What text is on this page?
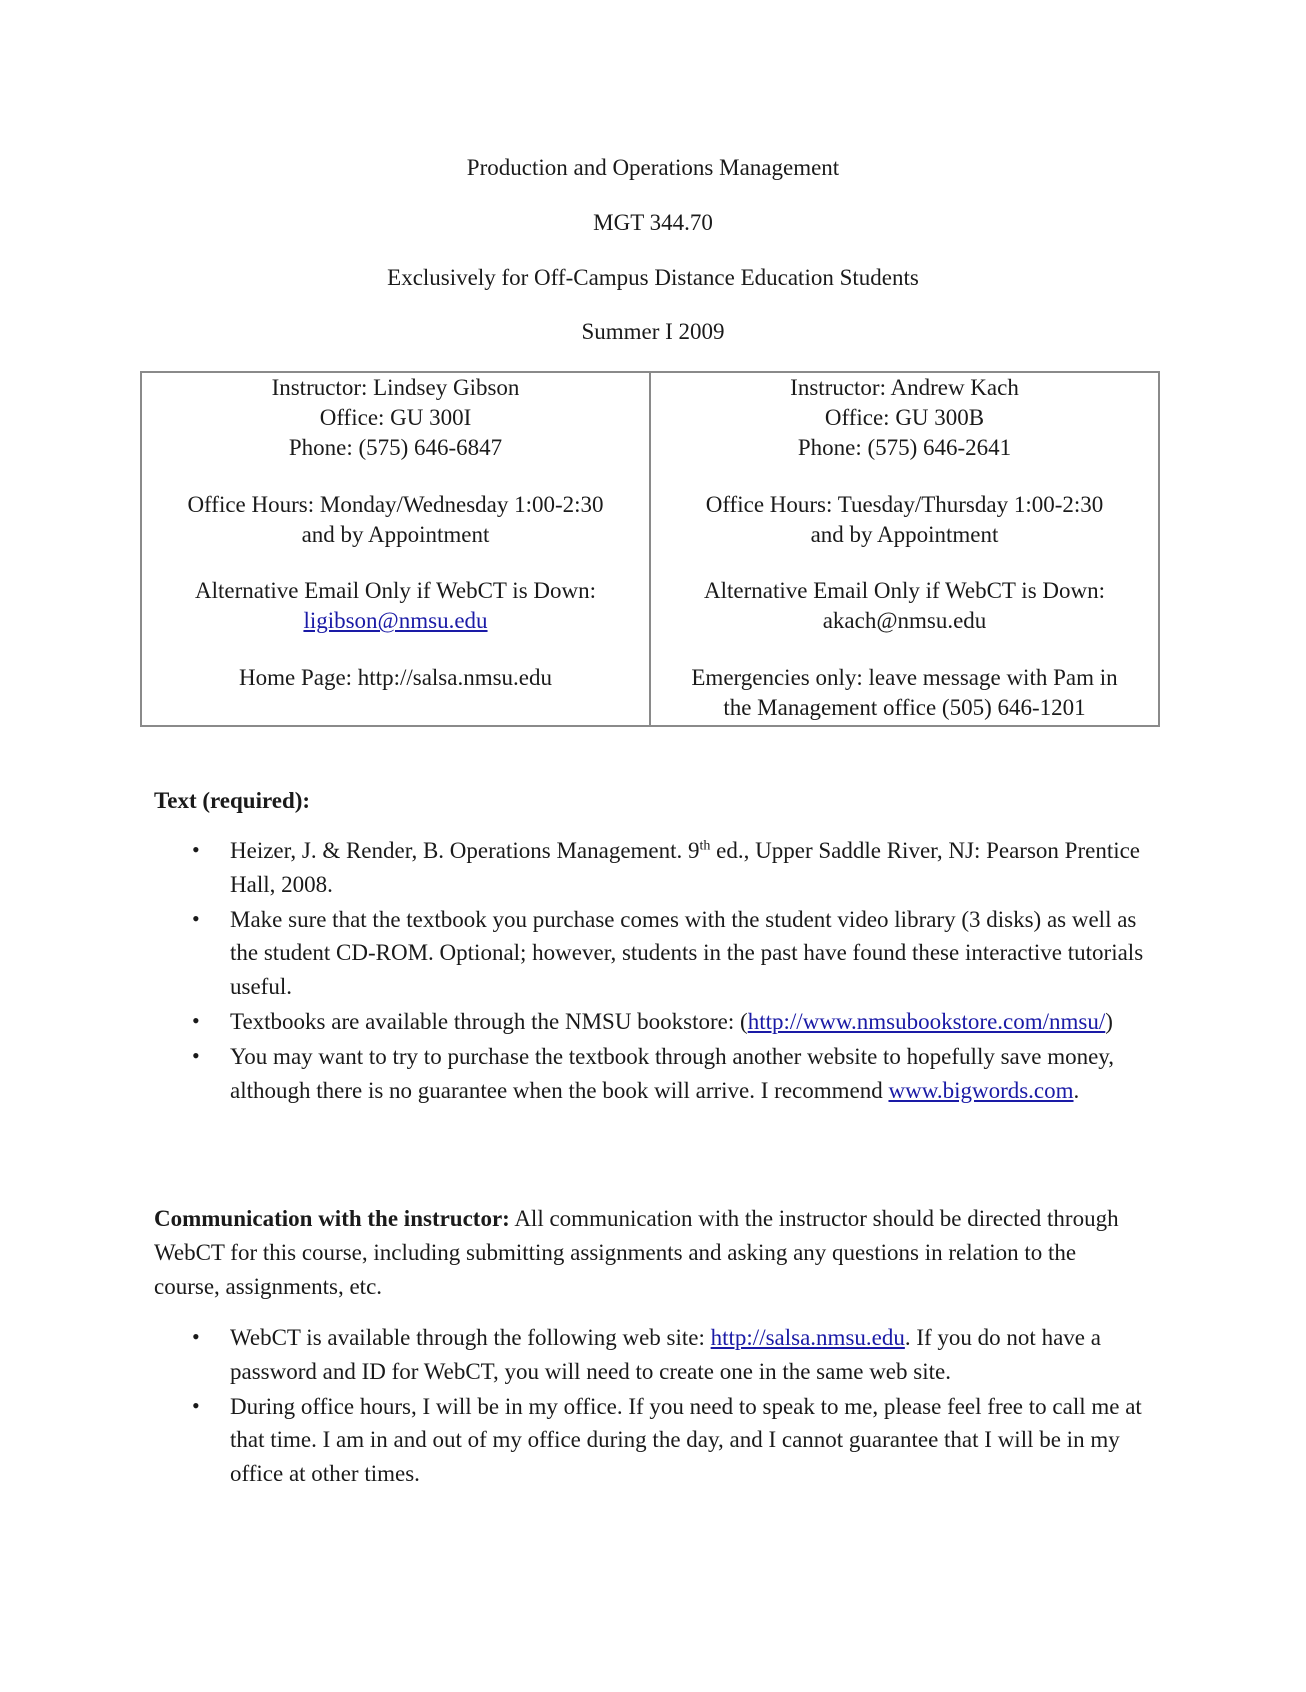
Production and Operations Management
MGT 344.70
Exclusively for Off-Campus Distance Education Students
Summer I 2009
Instructor: Lindsey Gibson
Office: GU 300I
Phone: (575) 646-6847
Office Hours: Monday/Wednesday 1:00-2:30
and by Appointment
Alternative Email Only if WebCT is Down:
ligibson@nmsu.edu
Home Page: http://salsa.nmsu.edu

Instructor: Andrew Kach
Office: GU 300B
Phone: (575) 646-2641
Office Hours: Tuesday/Thursday 1:00-2:30
and by Appointment
Alternative Email Only if WebCT is Down:
akach@nmsu.edu
Emergencies only: leave message with Pam in
the Management office (505) 646-1201
Text (required):
• Heizer, J. & Render, B. Operations Management. 9th ed., Upper Saddle River, NJ: Pearson Prentice Hall, 2008.
• Make sure that the textbook you purchase comes with the student video library (3 disks) as well as the student CD-ROM. Optional; however, students in the past have found these interactive tutorials useful.
• Textbooks are available through the NMSU bookstore: (http://www.nmsubookstore.com/nmsu/)
• You may want to try to purchase the textbook through another website to hopefully save money, although there is no guarantee when the book will arrive. I recommend www.bigwords.com.
Communication with the instructor: All communication with the instructor should be directed through WebCT for this course, including submitting assignments and asking any questions in relation to the course, assignments, etc.
• WebCT is available through the following web site: http://salsa.nmsu.edu. If you do not have a password and ID for WebCT, you will need to create one in the same web site.
• During office hours, I will be in my office. If you need to speak to me, please feel free to call me at that time. I am in and out of my office during the day, and I cannot guarantee that I will be in my office at other times.
